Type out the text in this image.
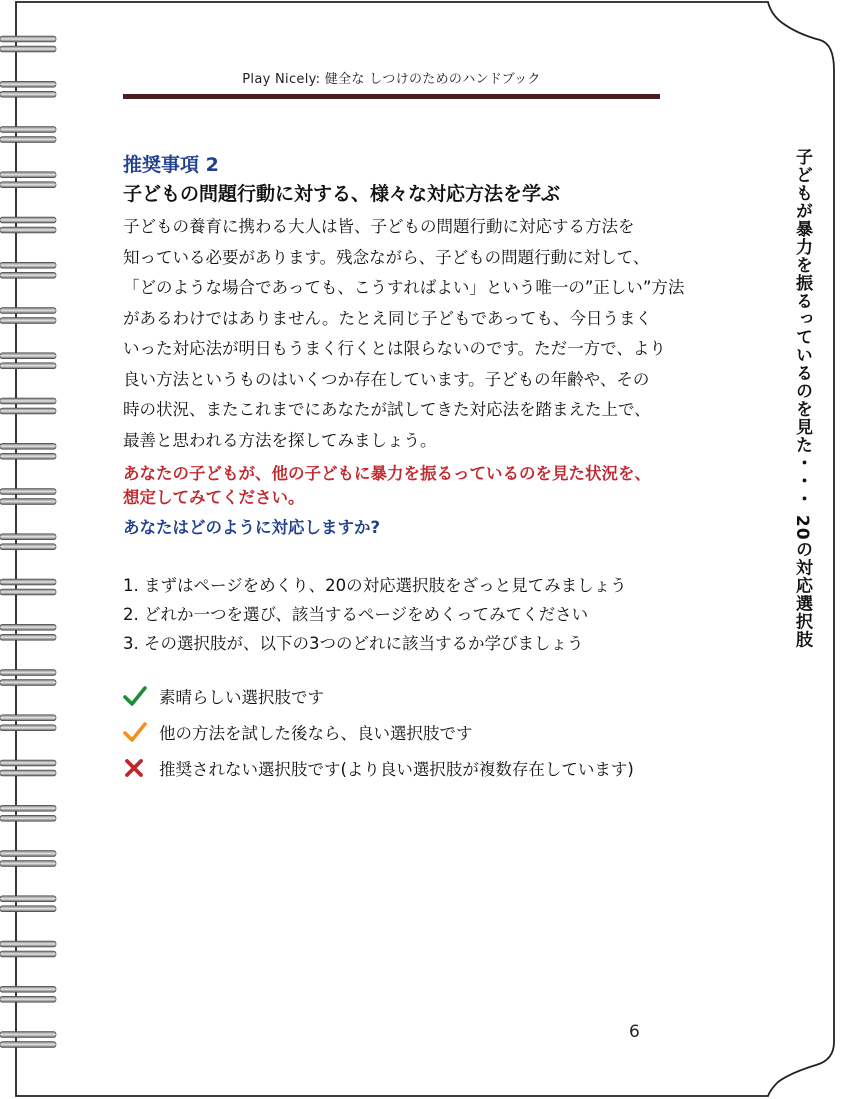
Play Nicely: 健全な しつけのためのハンドブック
推奨事項 2
子どもの問題行動に対する、様々な対応方法を学ぶ
子どもの養育に携わる大人は皆、子どもの問題行動に対応する方法を
知っている必要があります。残念ながら、子どもの問題行動に対して、
「どのような場合であっても、こうすればよい」という唯一の”正しい”方法
があるわけではありません。たとえ同じ子どもであっても、今日うまく
いった対応法が明日もうまく行くとは限らないのです。ただ一方で、より
良い方法というものはいくつか存在しています。子どもの年齢や、その
時の状況、またこれまでにあなたが試してきた対応法を踏まえた上で、
最善と思われる方法を探してみましょう。
あなたの子どもが、他の子どもに暴力を振るっているのを見た状況を、
想定してみてください。
あなたはどのように対応しますか?
1. まずはページをめくり、20の対応選択肢をざっと見てみましょう
2. どれか一つを選び、該当するページをめくってみてください
3. その選択肢が、以下の3つのどれに該当するか学びましょう
素晴らしい選択肢です
他の方法を試した後なら、良い選択肢です
推奨されない選択肢です(より良い選択肢が複数存在しています)
子どもが暴力を振るっているのを見た・・・ 20の対応選択肢
6
